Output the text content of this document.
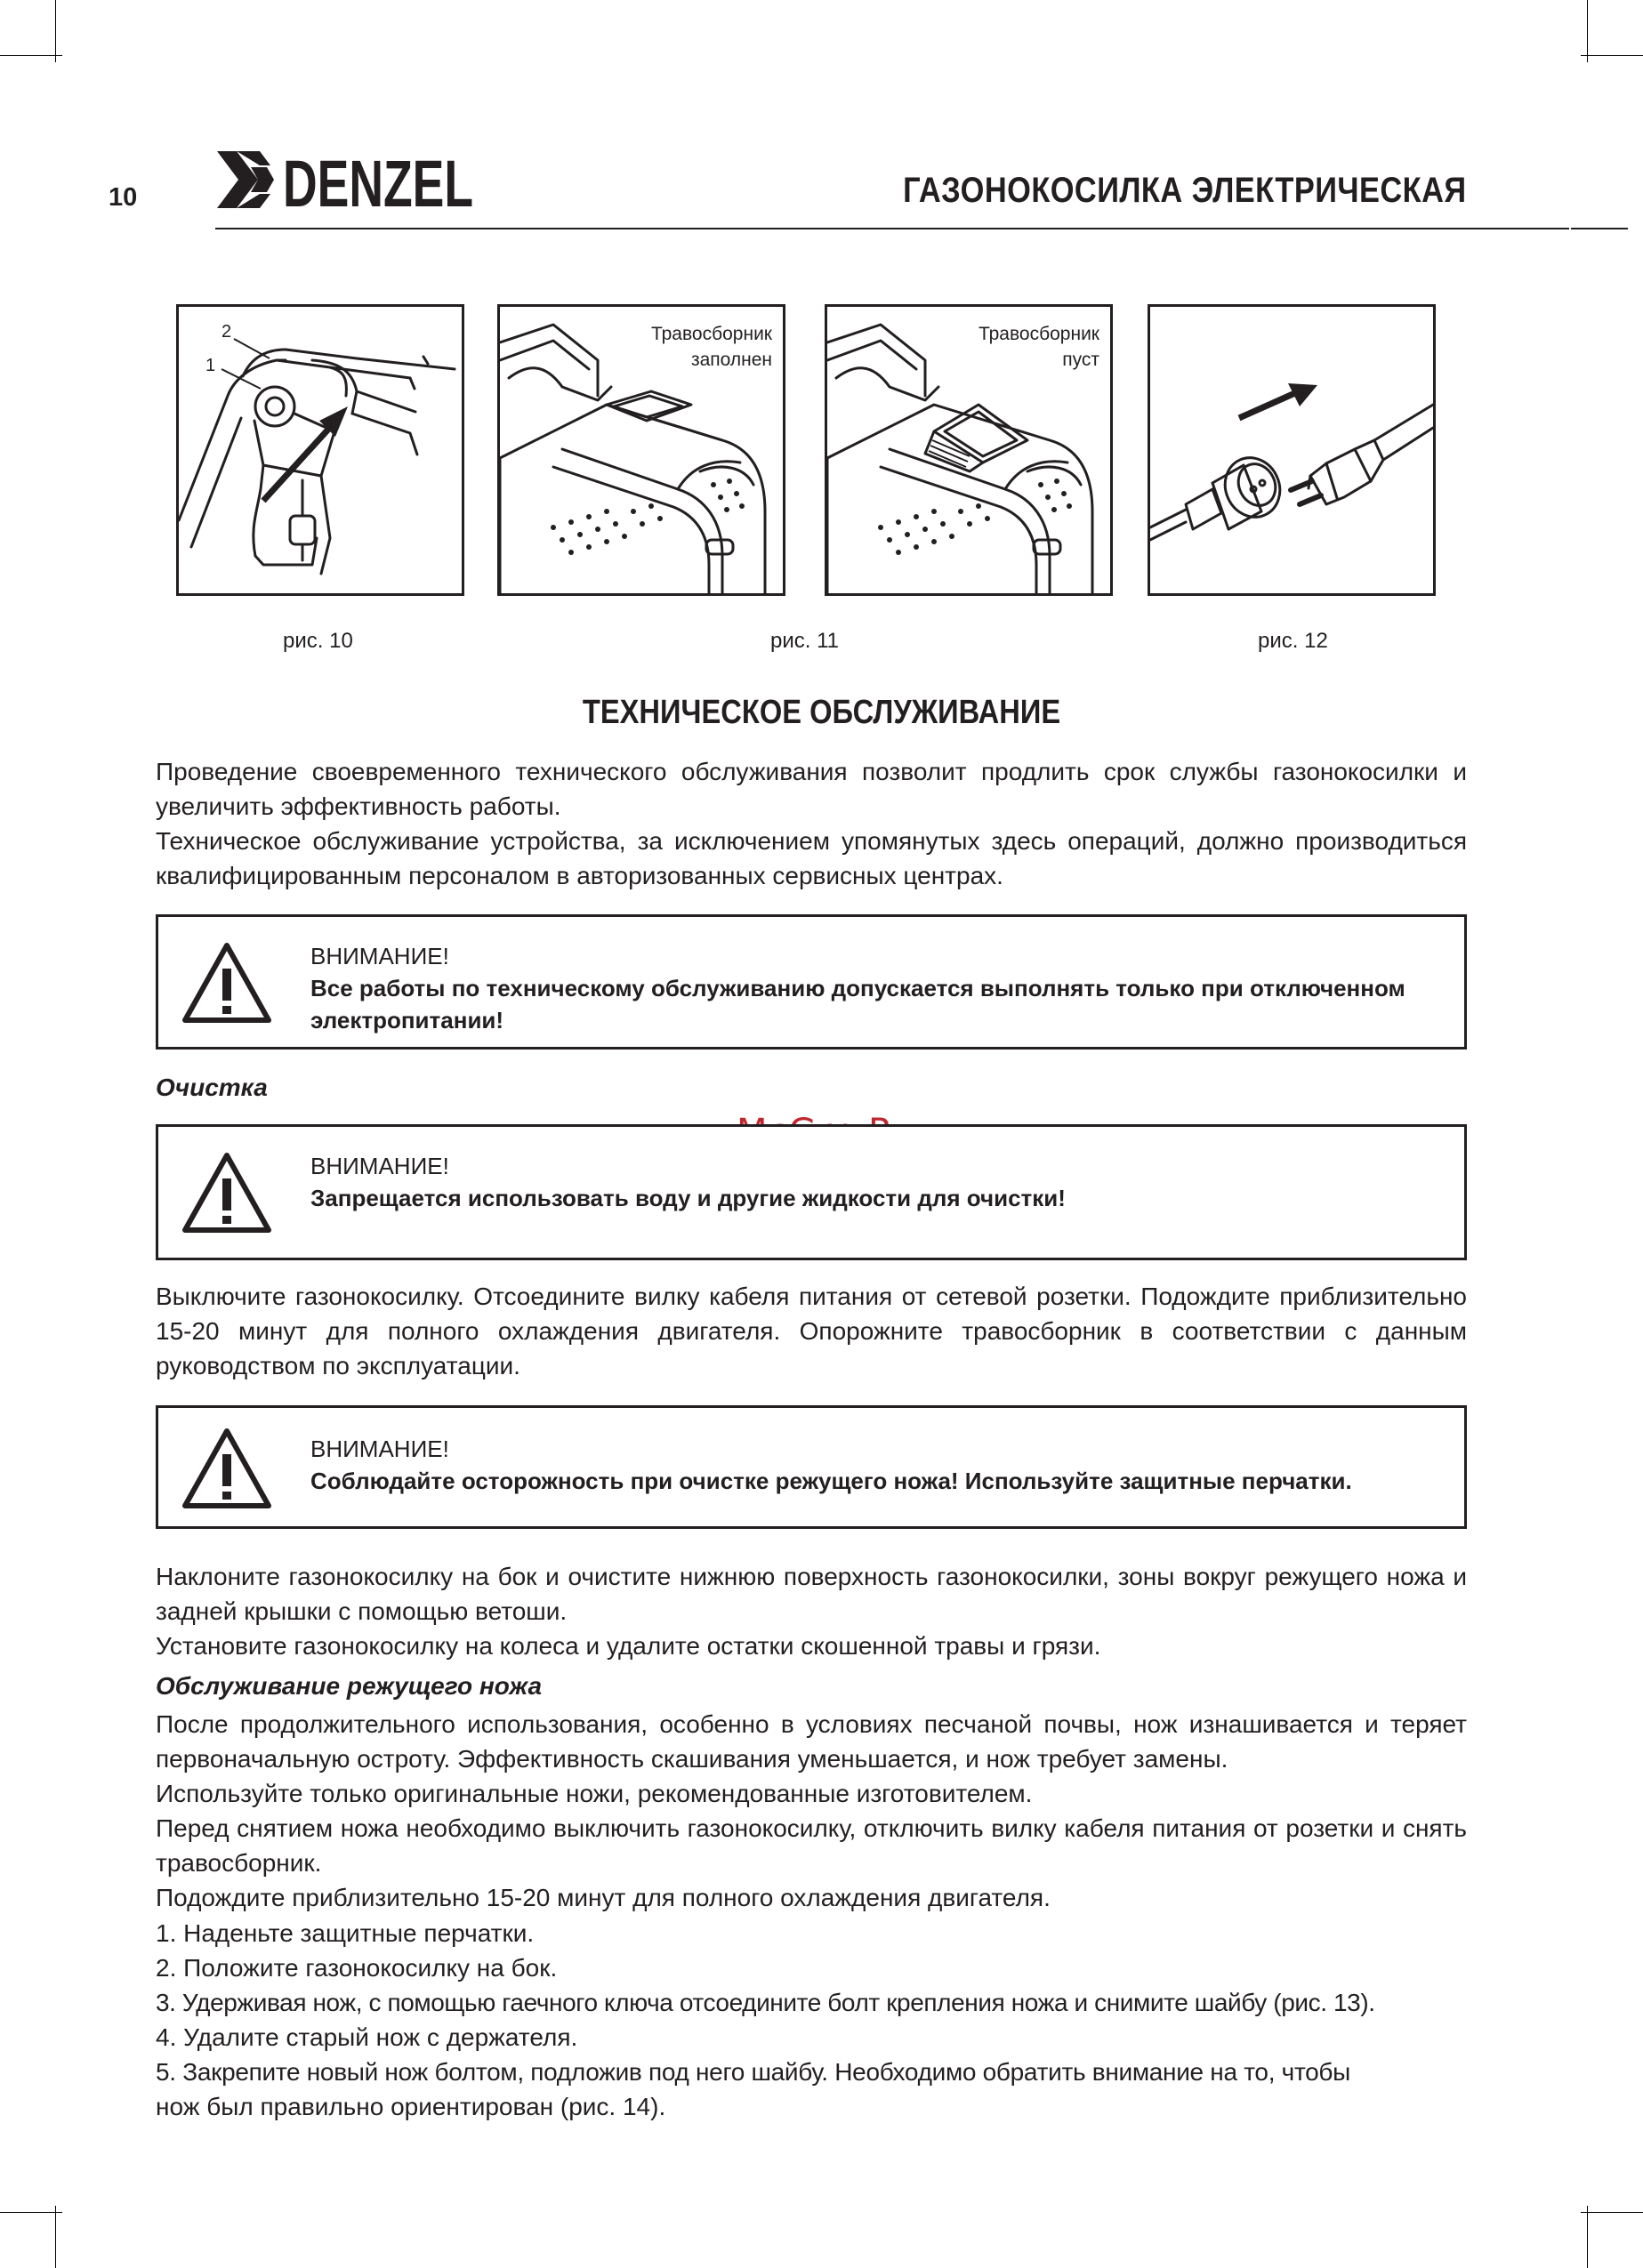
10 DENZEL	ГАЗОНОКОСИЛКА ЭЛЕКТРИЧЕСКАЯ
2
1
Травосборник
заполнен
Травосборник
пуст
рис. 10	рис. 11	рис. 12
ТЕХНИЧЕСКОЕ ОБСЛУЖИВАНИЕ

Проведение своевременного технического обслуживания позволит продлить срок службы газонокосилки и увеличить эффективность работы.

Техническое обслуживание устройства, за исключением упомянутых здесь операций, должно производиться квалифицированным персоналом в авторизованных сервисных центрах.

ВНИМАНИЕ!
Все работы по техническому обслуживанию допускается выполнять только при отключенном электропитании!
Очистка
ВНИМАНИЕ!
Запрещается использовать воду и другие жидкости для очистки!

Выключите газонокосилку. Отсоедините вилку кабеля питания от сетевой розетки. Подождите приблизительно 15-20 минут для полного охлаждения двигателя. Опорожните травосборник в соответствии с данным руководством по эксплуатации.

ВНИМАНИЕ!
Соблюдайте осторожность при очистке режущего ножа! Используйте защитные перчатки.

Наклоните газонокосилку на бок и очистите нижнюю поверхность газонокосилки, зоны вокруг режущего ножа и задней крышки с помощью ветоши.

Установите газонокосилку на колеса и удалите остатки скошенной травы и грязи.

Обслуживание режущего ножа

После продолжительного использования, особенно в условиях песчаной почвы, нож изнашивается и теряет первоначальную остроту. Эффективность скашивания уменьшается, и нож требует замены.

Используйте только оригинальные ножи, рекомендованные изготовителем.

Перед снятием ножа необходимо выключить газонокосилку, отключить вилку кабеля питания от розетки и снять травосборник.

Подождите приблизительно 15-20 минут для полного охлаждения двигателя.

1. Наденьте защитные перчатки.
2. Положите газонокосилку на бок.
3. Удерживая нож, с помощью гаечного ключа отсоедините болт крепления ножа и снимите шайбу (рис. 13).
4. Удалите старый нож с держателя.
5. Закрепите новый нож болтом, подложив под него шайбу. Необходимо обратить внимание на то, чтобы
нож был правильно ориентирован (рис. 14).
